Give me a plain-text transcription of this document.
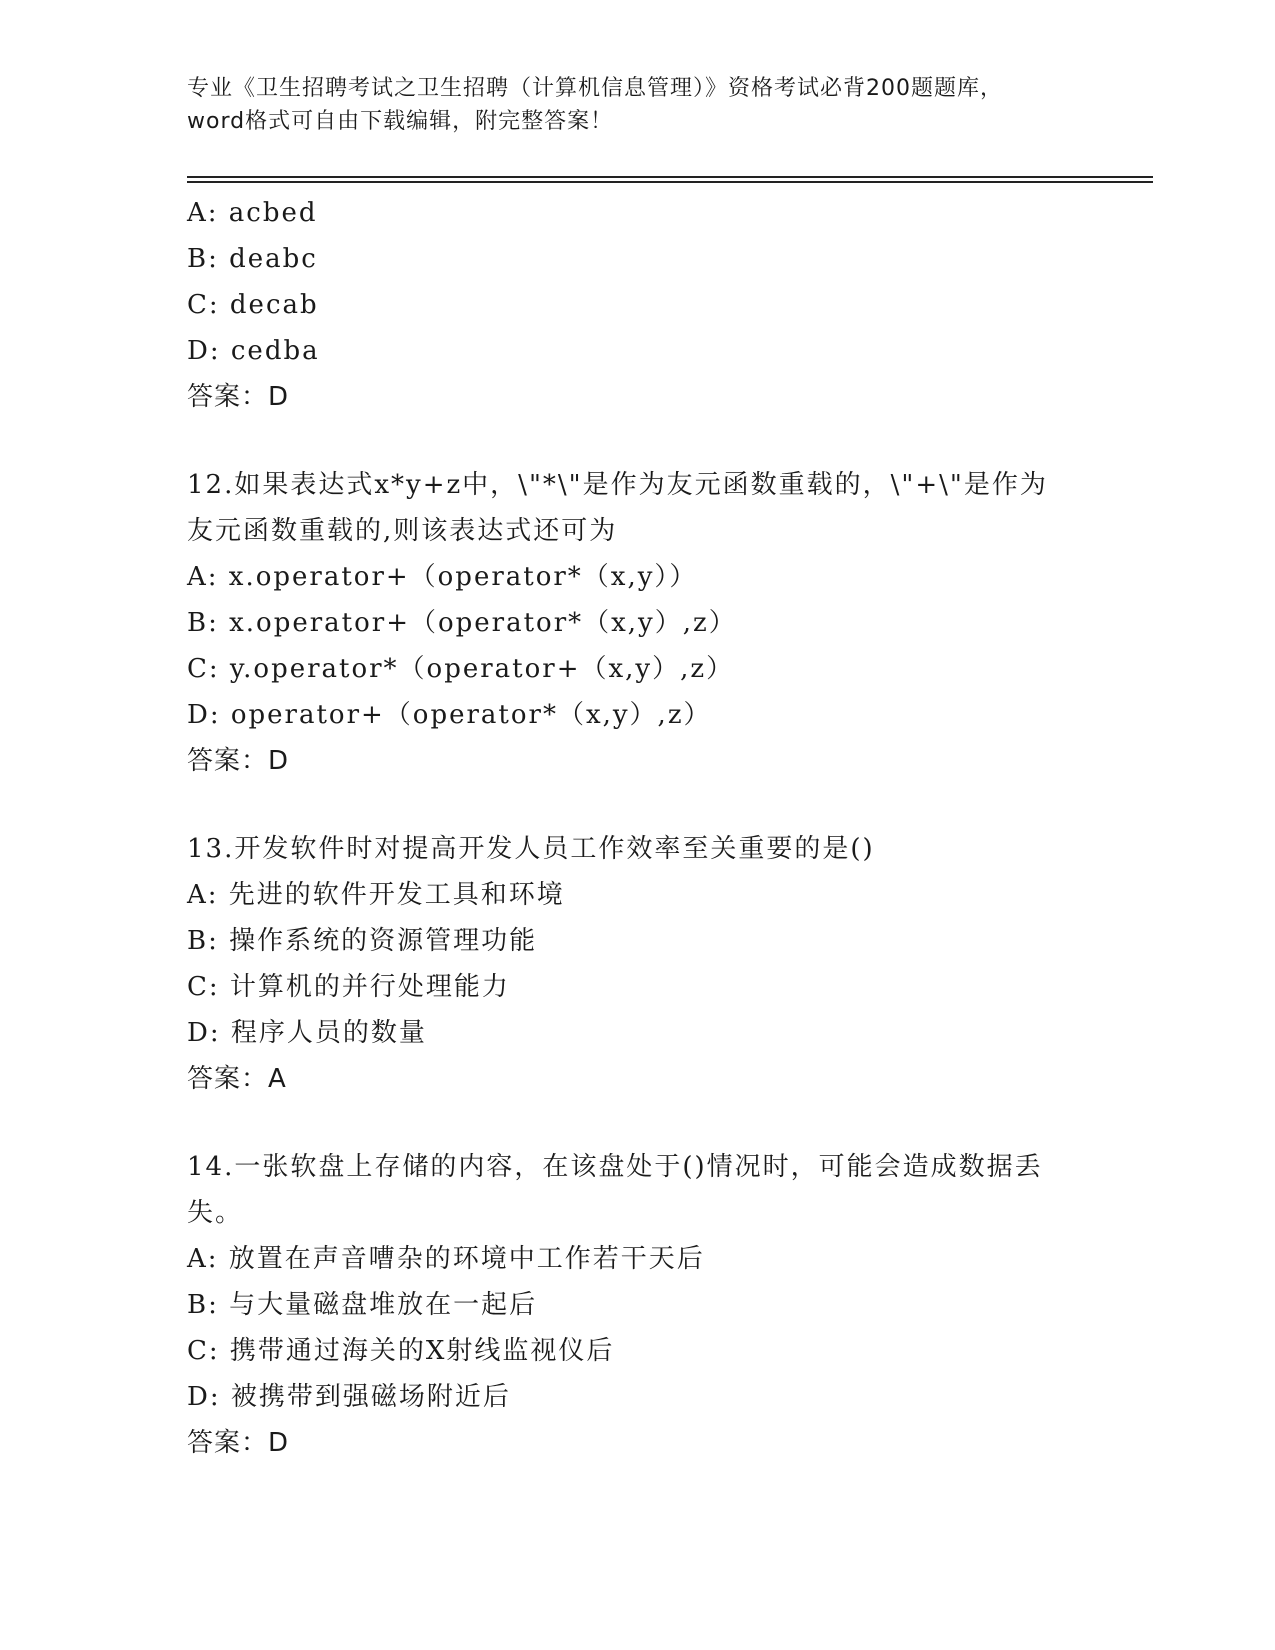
专业《卫生招聘考试之卫生招聘（计算机信息管理）》资格考试必背200题题库，
word格式可自由下载编辑，附完整答案！
A: acbed
B: deabc
C: decab
D: cedba
答案：D
12.如果表达式x*y+z中，\"*\"是作为友元函数重载的，\"+\"是作为
友元函数重载的,则该表达式还可为
A: x.operator+（operator*（x,y））
B: x.operator+（operator*（x,y）,z）
C: y.operator*（operator+（x,y）,z）
D: operator+（operator*（x,y）,z）
答案：D
13.开发软件时对提高开发人员工作效率至关重要的是()
A: 先进的软件开发工具和环境
B: 操作系统的资源管理功能
C: 计算机的并行处理能力
D: 程序人员的数量
答案：A
14.一张软盘上存储的内容，在该盘处于()情况时，可能会造成数据丢
失。
A: 放置在声音嘈杂的环境中工作若干天后
B: 与大量磁盘堆放在一起后
C: 携带通过海关的X射线监视仪后
D: 被携带到强磁场附近后
答案：D
